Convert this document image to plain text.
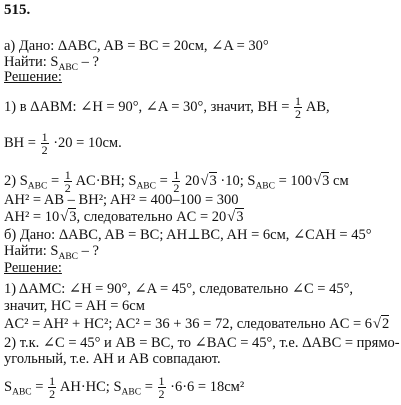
515.
а) Дано: ΔABC, AB = BC = 20см, ∠A = 30°
Найти: $S_{ABC}$ – ?
Решение:
1) в ΔABM: ∠H = 90°, ∠A = 30°, значит, BH = $\frac{1}{2}$ AB,
BH = $\frac{1}{2} \cdot 20 = 10см$.
2) $S_{ABC} = \frac{1}{2} AC\cdot BH$; $S_{ABC} = \frac{1}{2} 20√3 \cdot 10$; $S_{ABC} = 100√3$ см
AH² = AB – BH²; AH² = 400–100 = 300
AH² = 10√3, следовательно AC = 20√3
б) Дано: ΔABC, AB = BC; AH⊥BC, AH = 6см, ∠CAH = 45°
Найти: $S_{ABC}$ – ?
Решение:
1) ΔAMC: ∠H = 90°, ∠A = 45°, следовательно ∠C = 45°,
значит, HC = AH = 6см
AC² = AH² + HC²; AC² = 36 + 36 = 72, следовательно AC = 6√2
2) т.к. ∠C = 45° и AB = BC, то ∠BAC = 45°, т.е. ΔABC = прямо-
угольный, т.е. AH и AB совпадают.
$S_{ABC} = \frac{1}{2} AH\cdot HC$; $S_{ABC} = \frac{1}{2} \cdot 6\cdot 6 = 18см^2$
